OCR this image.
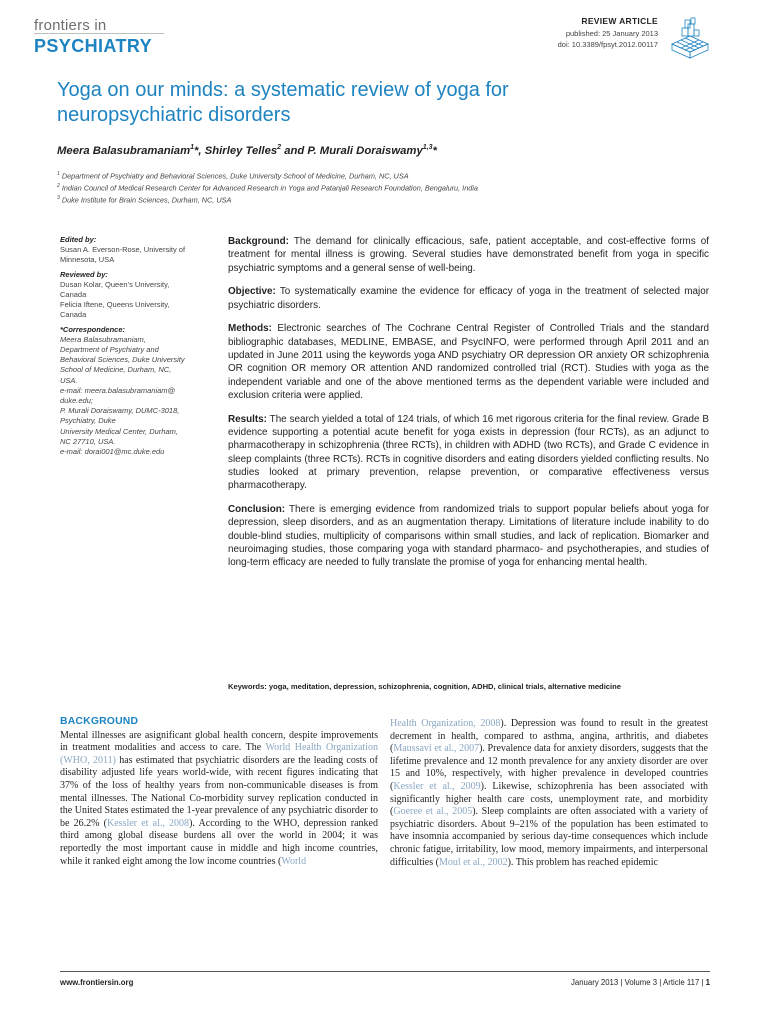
frontiers in
PSYCHIATRY
REVIEW ARTICLE
published: 25 January 2013
doi: 10.3389/fpsyt.2012.00117
Yoga on our minds: a systematic review of yoga for
neuropsychiatric disorders
Meera Balasubramaniam$^1$*, Shirley Telles$^2$ and P. Murali Doraiswamy$^{1,3}$*
$^1$ Department of Psychiatry and Behavioral Sciences, Duke University School of Medicine, Durham, NC, USA
$^2$ Indian Council of Medical Research Center for Advanced Research in Yoga and Patanjali Research Foundation, Bengaluru, India
$^3$ Duke Institute for Brain Sciences, Durham, NC, USA
Edited by:
Susan A. Everson-Rose, University of
Minnesota, USA
Reviewed by:
Dusan Kolar, Queen’s University,
Canada
Felicia Iftene, Queens University,
Canada
*Correspondence:
Meera Balasubramaniam,
Department of Psychiatry and
Behavioral Sciences, Duke University
School of Medicine, Durham, NC,
USA.
e-mail: meera.balasubramaniam@
duke.edu;
P. Murali Doraiswamy, DUMC-3018,
Psychiatry, Duke
University Medical Center, Durham,
NC 27710, USA.
e-mail: dorai001@mc.duke.edu

Background: The demand for clinically efficacious, safe, patient acceptable, and cost-effective forms of treatment for mental illness is growing. Several studies have demonstrated benefit from yoga in specific psychiatric symptoms and a general sense of well-being.

Objective: To systematically examine the evidence for efficacy of yoga in the treatment of selected major psychiatric disorders.

Methods: Electronic searches of The Cochrane Central Register of Controlled Trials and the standard bibliographic databases, MEDLINE, EMBASE, and PsycINFO, were performed through April 2011 and an updated in June 2011 using the keywords yoga AND psychiatry OR depression OR anxiety OR schizophrenia OR cognition OR memory OR attention AND randomized controlled trial (RCT). Studies with yoga as the independent variable and one of the above mentioned terms as the dependent variable were included and exclusion criteria were applied.

Results: The search yielded a total of 124 trials, of which 16 met rigorous criteria for the final review. Grade B evidence supporting a potential acute benefit for yoga exists in depression (four RCTs), as an adjunct to pharmacotherapy in schizophrenia (three RCTs), in children with ADHD (two RCTs), and Grade C evidence in sleep complaints (three RCTs). RCTs in cognitive disorders and eating disorders yielded conflicting results. No studies looked at primary prevention, relapse prevention, or comparative effectiveness versus pharmacotherapy.

Conclusion: There is emerging evidence from randomized trials to support popular beliefs about yoga for depression, sleep disorders, and as an augmentation therapy. Limitations of literature include inability to do double-blind studies, multiplicity of comparisons within small studies, and lack of replication. Biomarker and neuroimaging studies, those comparing yoga with standard pharmaco- and psychotherapies, and studies of long-term efficacy are needed to fully translate the promise of yoga for enhancing mental health.

Keywords: yoga, meditation, depression, schizophrenia, cognition, ADHD, clinical trials, alternative medicine
BACKGROUND
Mental illnesses are asignificant global health concern, despite improvements in treatment modalities and access to care. The World Health Organization (WHO, 2011) has estimated that psychiatric disorders are the leading costs of disability adjusted life years world-wide, with recent figures indicating that 37% of the loss of healthy years from non-communicable diseases is from mental illnesses. The National Co-morbidity survey replication conducted in the United States estimated the 1-year prevalence of any psychiatric disorder to be 26.2% (Kessler et al., 2008). According to the WHO, depression ranked third among global disease burdens all over the world in 2004; it was reportedly the most important cause in middle and high income countries, while it ranked eight among the low income countries (World
Health Organization, 2008). Depression was found to result in the greatest decrement in health, compared to asthma, angina, arthritis, and diabetes (Maussavi et al., 2007). Prevalence data for anxiety disorders, suggests that the lifetime prevalence and 12 month prevalence for any anxiety disorder are over 15 and 10%, respectively, with higher prevalence in developed countries (Kessler et al., 2009). Likewise, schizophrenia has been associated with significantly higher health care costs, unemployment rate, and morbidity (Goeree et al., 2005). Sleep complaints are often associated with a variety of psychiatric disorders. About 9–21% of the population has been estimated to have insomnia accompanied by serious day-time consequences which include chronic fatigue, irritability, low mood, memory impairments, and interpersonal difficulties (Moul et al., 2002). This problem has reached epidemic
www.frontiersin.org	January 2013 | Volume 3 | Article 117 | 1
